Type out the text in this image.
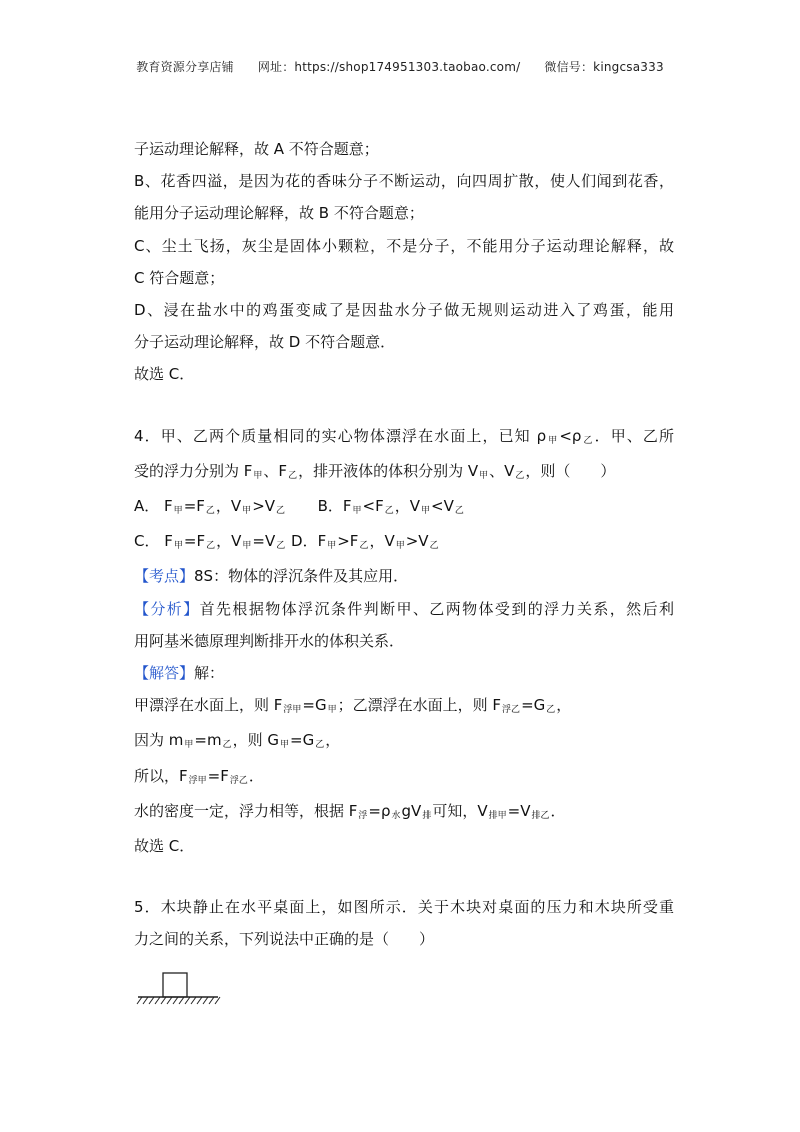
教育资源分享店铺 网址：https://shop174951303.taobao.com/ 微信号：kingcsa333
子运动理论解释，故 A 不符合题意；
B、花香四溢，是因为花的香味分子不断运动，向四周扩散，使人们闻到花香，
能用分子运动理论解释，故 B 不符合题意；
C、尘土飞扬，灰尘是固体小颗粒，不是分子，不能用分子运动理论解释，故
C 符合题意；
D、浸在盐水中的鸡蛋变咸了是因盐水分子做无规则运动进入了鸡蛋，能用
分子运动理论解释，故 D 不符合题意．
故选 C．
4．甲、乙两个质量相同的实心物体漂浮在水面上，已知 ρ甲<ρ乙．甲、乙所
受的浮力分别为 F甲、F乙，排开液体的体积分别为 V甲、V乙，则（　　）
A． F甲=F乙，V甲>V乙 B．F甲<F乙，V甲<V乙
C． F甲=F乙，V甲=V乙 D．F甲>F乙，V甲>V乙
【考点】8S：物体的浮沉条件及其应用．
【分析】首先根据物体浮沉条件判断甲、乙两物体受到的浮力关系，然后利
用阿基米德原理判断排开水的体积关系．
【解答】解：
甲漂浮在水面上，则 F浮甲=G甲；乙漂浮在水面上，则 F浮乙=G乙，
因为 m甲=m乙，则 G甲=G乙，
所以，F浮甲=F浮乙．
水的密度一定，浮力相等，根据 F浮=ρ水gV排可知，V排甲=V排乙．
故选 C．
5．木块静止在水平桌面上，如图所示．关于木块对桌面的压力和木块所受重
力之间的关系，下列说法中正确的是（　　）
